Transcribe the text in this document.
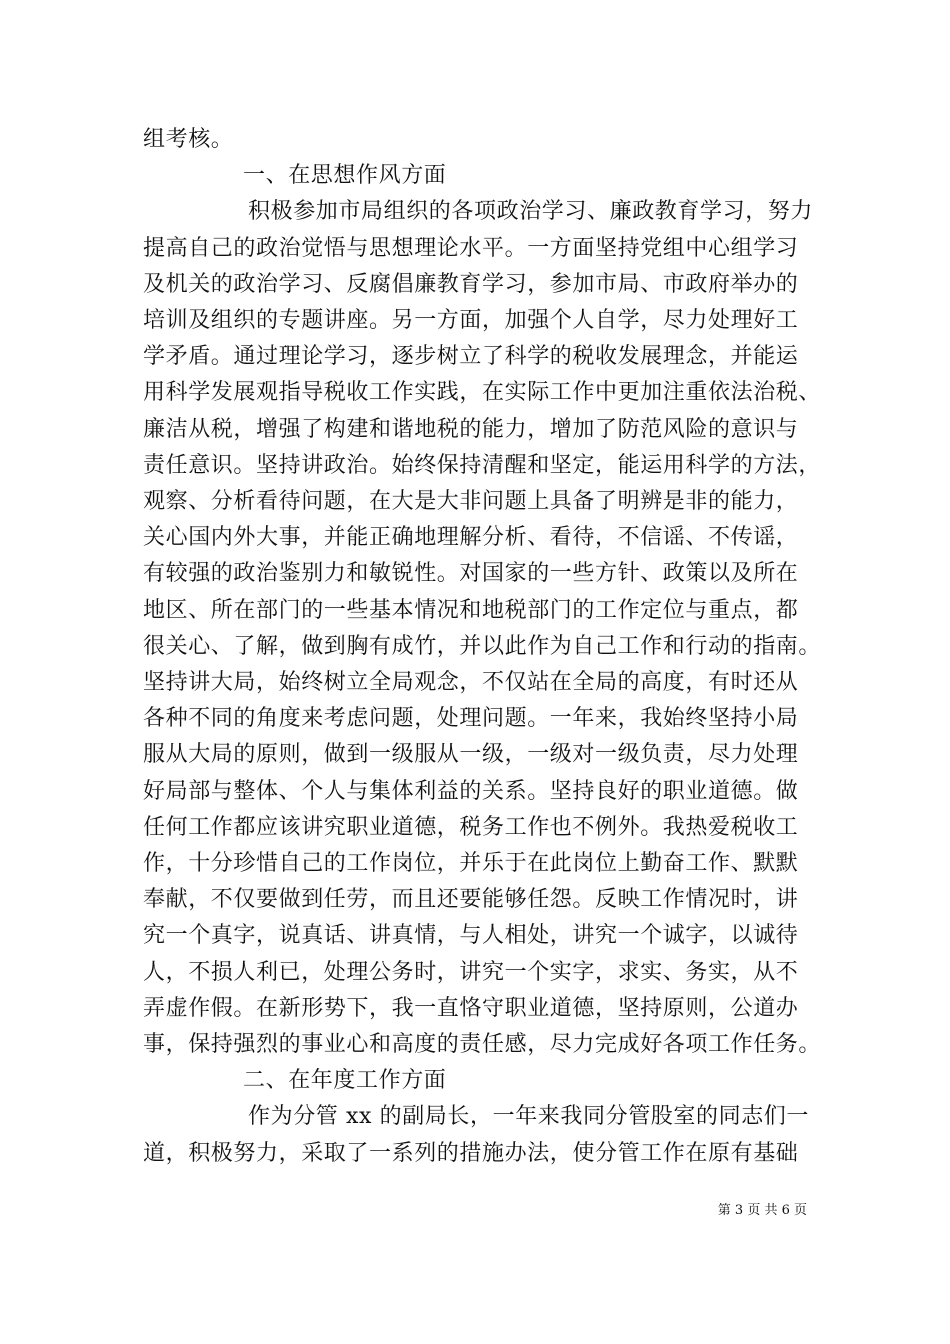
组考核。
一、在思想作风方面
积极参加市局组织的各项政治学习、廉政教育学习，努力
提高自己的政治觉悟与思想理论水平。一方面坚持党组中心组学习
及机关的政治学习、反腐倡廉教育学习，参加市局、市政府举办的
培训及组织的专题讲座。另一方面，加强个人自学，尽力处理好工
学矛盾。通过理论学习，逐步树立了科学的税收发展理念，并能运
用科学发展观指导税收工作实践，在实际工作中更加注重依法治税、
廉洁从税，增强了构建和谐地税的能力，增加了防范风险的意识与
责任意识。坚持讲政治。始终保持清醒和坚定，能运用科学的方法，
观察、分析看待问题，在大是大非问题上具备了明辨是非的能力，
关心国内外大事，并能正确地理解分析、看待，不信谣、不传谣，
有较强的政治鉴别力和敏锐性。对国家的一些方针、政策以及所在
地区、所在部门的一些基本情况和地税部门的工作定位与重点，都
很关心、了解，做到胸有成竹，并以此作为自己工作和行动的指南。
坚持讲大局，始终树立全局观念，不仅站在全局的高度，有时还从
各种不同的角度来考虑问题，处理问题。一年来，我始终坚持小局
服从大局的原则，做到一级服从一级，一级对一级负责，尽力处理
好局部与整体、个人与集体利益的关系。坚持良好的职业道德。做
任何工作都应该讲究职业道德，税务工作也不例外。我热爱税收工
作，十分珍惜自己的工作岗位，并乐于在此岗位上勤奋工作、默默
奉献，不仅要做到任劳，而且还要能够任怨。反映工作情况时，讲
究一个真字，说真话、讲真情，与人相处，讲究一个诚字，以诚待
人，不损人利已，处理公务时，讲究一个实字，求实、务实，从不
弄虚作假。在新形势下，我一直恪守职业道德，坚持原则，公道办
事，保持强烈的事业心和高度的责任感，尽力完成好各项工作任务。
二、在年度工作方面
作为分管 xx 的副局长，一年来我同分管股室的同志们一
道，积极努力，采取了一系列的措施办法，使分管工作在原有基础
第 3 页 共 6 页
